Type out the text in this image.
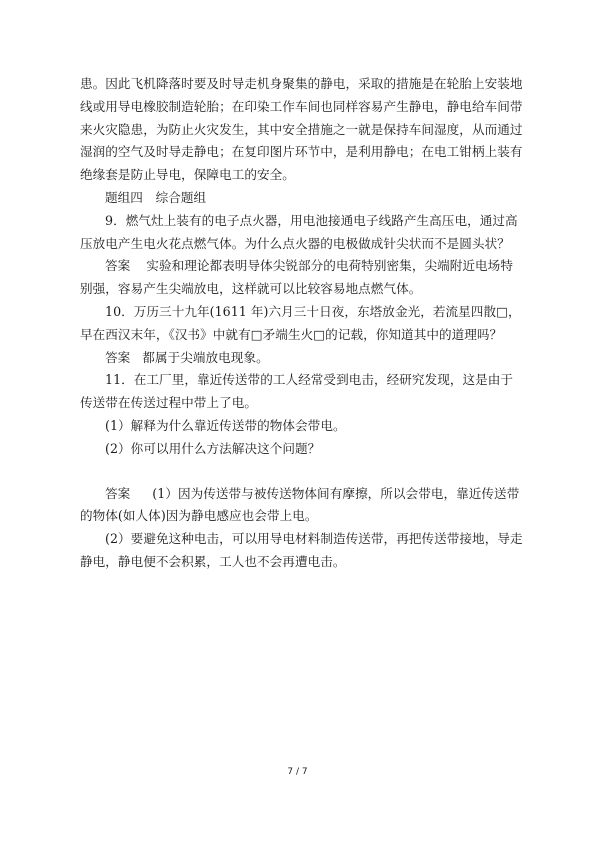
患。因此飞机降落时要及时导走机身聚集的静电，采取的措施是在轮胎上安装地线或用导电橡胶制造轮胎；在印染工作车间也同样容易产生静电，静电给车间带来火灾隐患，为防止火灾发生，其中安全措施之一就是保持车间湿度，从而通过湿润的空气及时导走静电；在复印图片环节中，是利用静电；在电工钳柄上装有绝缘套是防止导电，保障电工的安全。

题组四　综合题组

9．燃气灶上装有的电子点火器，用电池接通电子线路产生高压电，通过高压放电产生电火花点燃气体。为什么点火器的电极做成针尖状而不是圆头状？

答案 实验和理论都表明导体尖锐部分的电荷特别密集，尖端附近电场特别强，容易产生尖端放电，这样就可以比较容易地点燃气体。

10．万历三十九年(1611 年)六月三十日夜，东塔放金光，若流星四散□，早在西汉末年，《汉书》中就有□矛端生火□的记载，你知道其中的道理吗？

答案 都属于尖端放电现象。

11．在工厂里，靠近传送带的工人经常受到电击，经研究发现，这是由于传送带在传送过程中带上了电。

(1）解释为什么靠近传送带的物体会带电。

(2）你可以用什么方法解决这个问题？

答案 (1）因为传送带与被传送物体间有摩擦，所以会带电，靠近传送带的物体(如人体)因为静电感应也会带上电。

(2）要避免这种电击，可以用导电材料制造传送带，再把传送带接地，导走静电，静电便不会积累，工人也不会再遭电击。

7 / 7
